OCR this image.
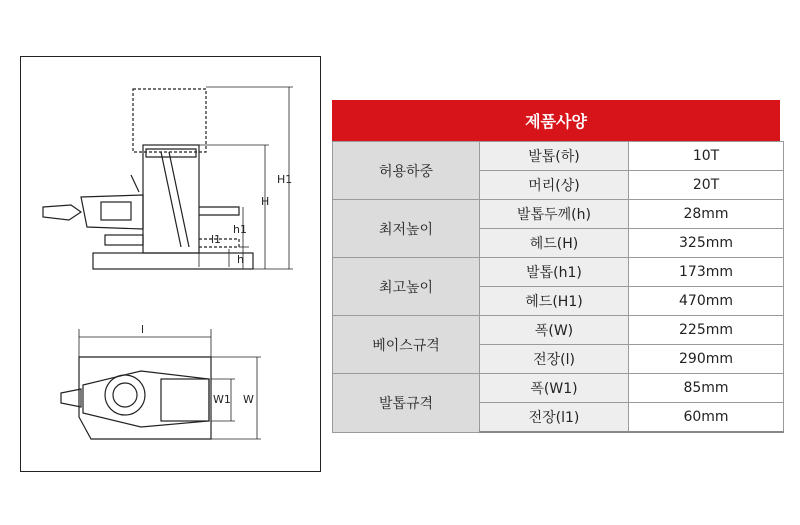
H1
H
h1
l1
h
l
W1 W
제품사양
허용하중	발톱(하)	10T
	머리(상)	20T
최저높이	발톱두께(h)	28mm
	헤드(H)	325mm
최고높이	발톱(h1)	173mm
	헤드(H1)	470mm
베이스규격	폭(W)	225mm
	전장(l)	290mm
발톱규격	폭(W1)	85mm
	전장(l1)	60mm
